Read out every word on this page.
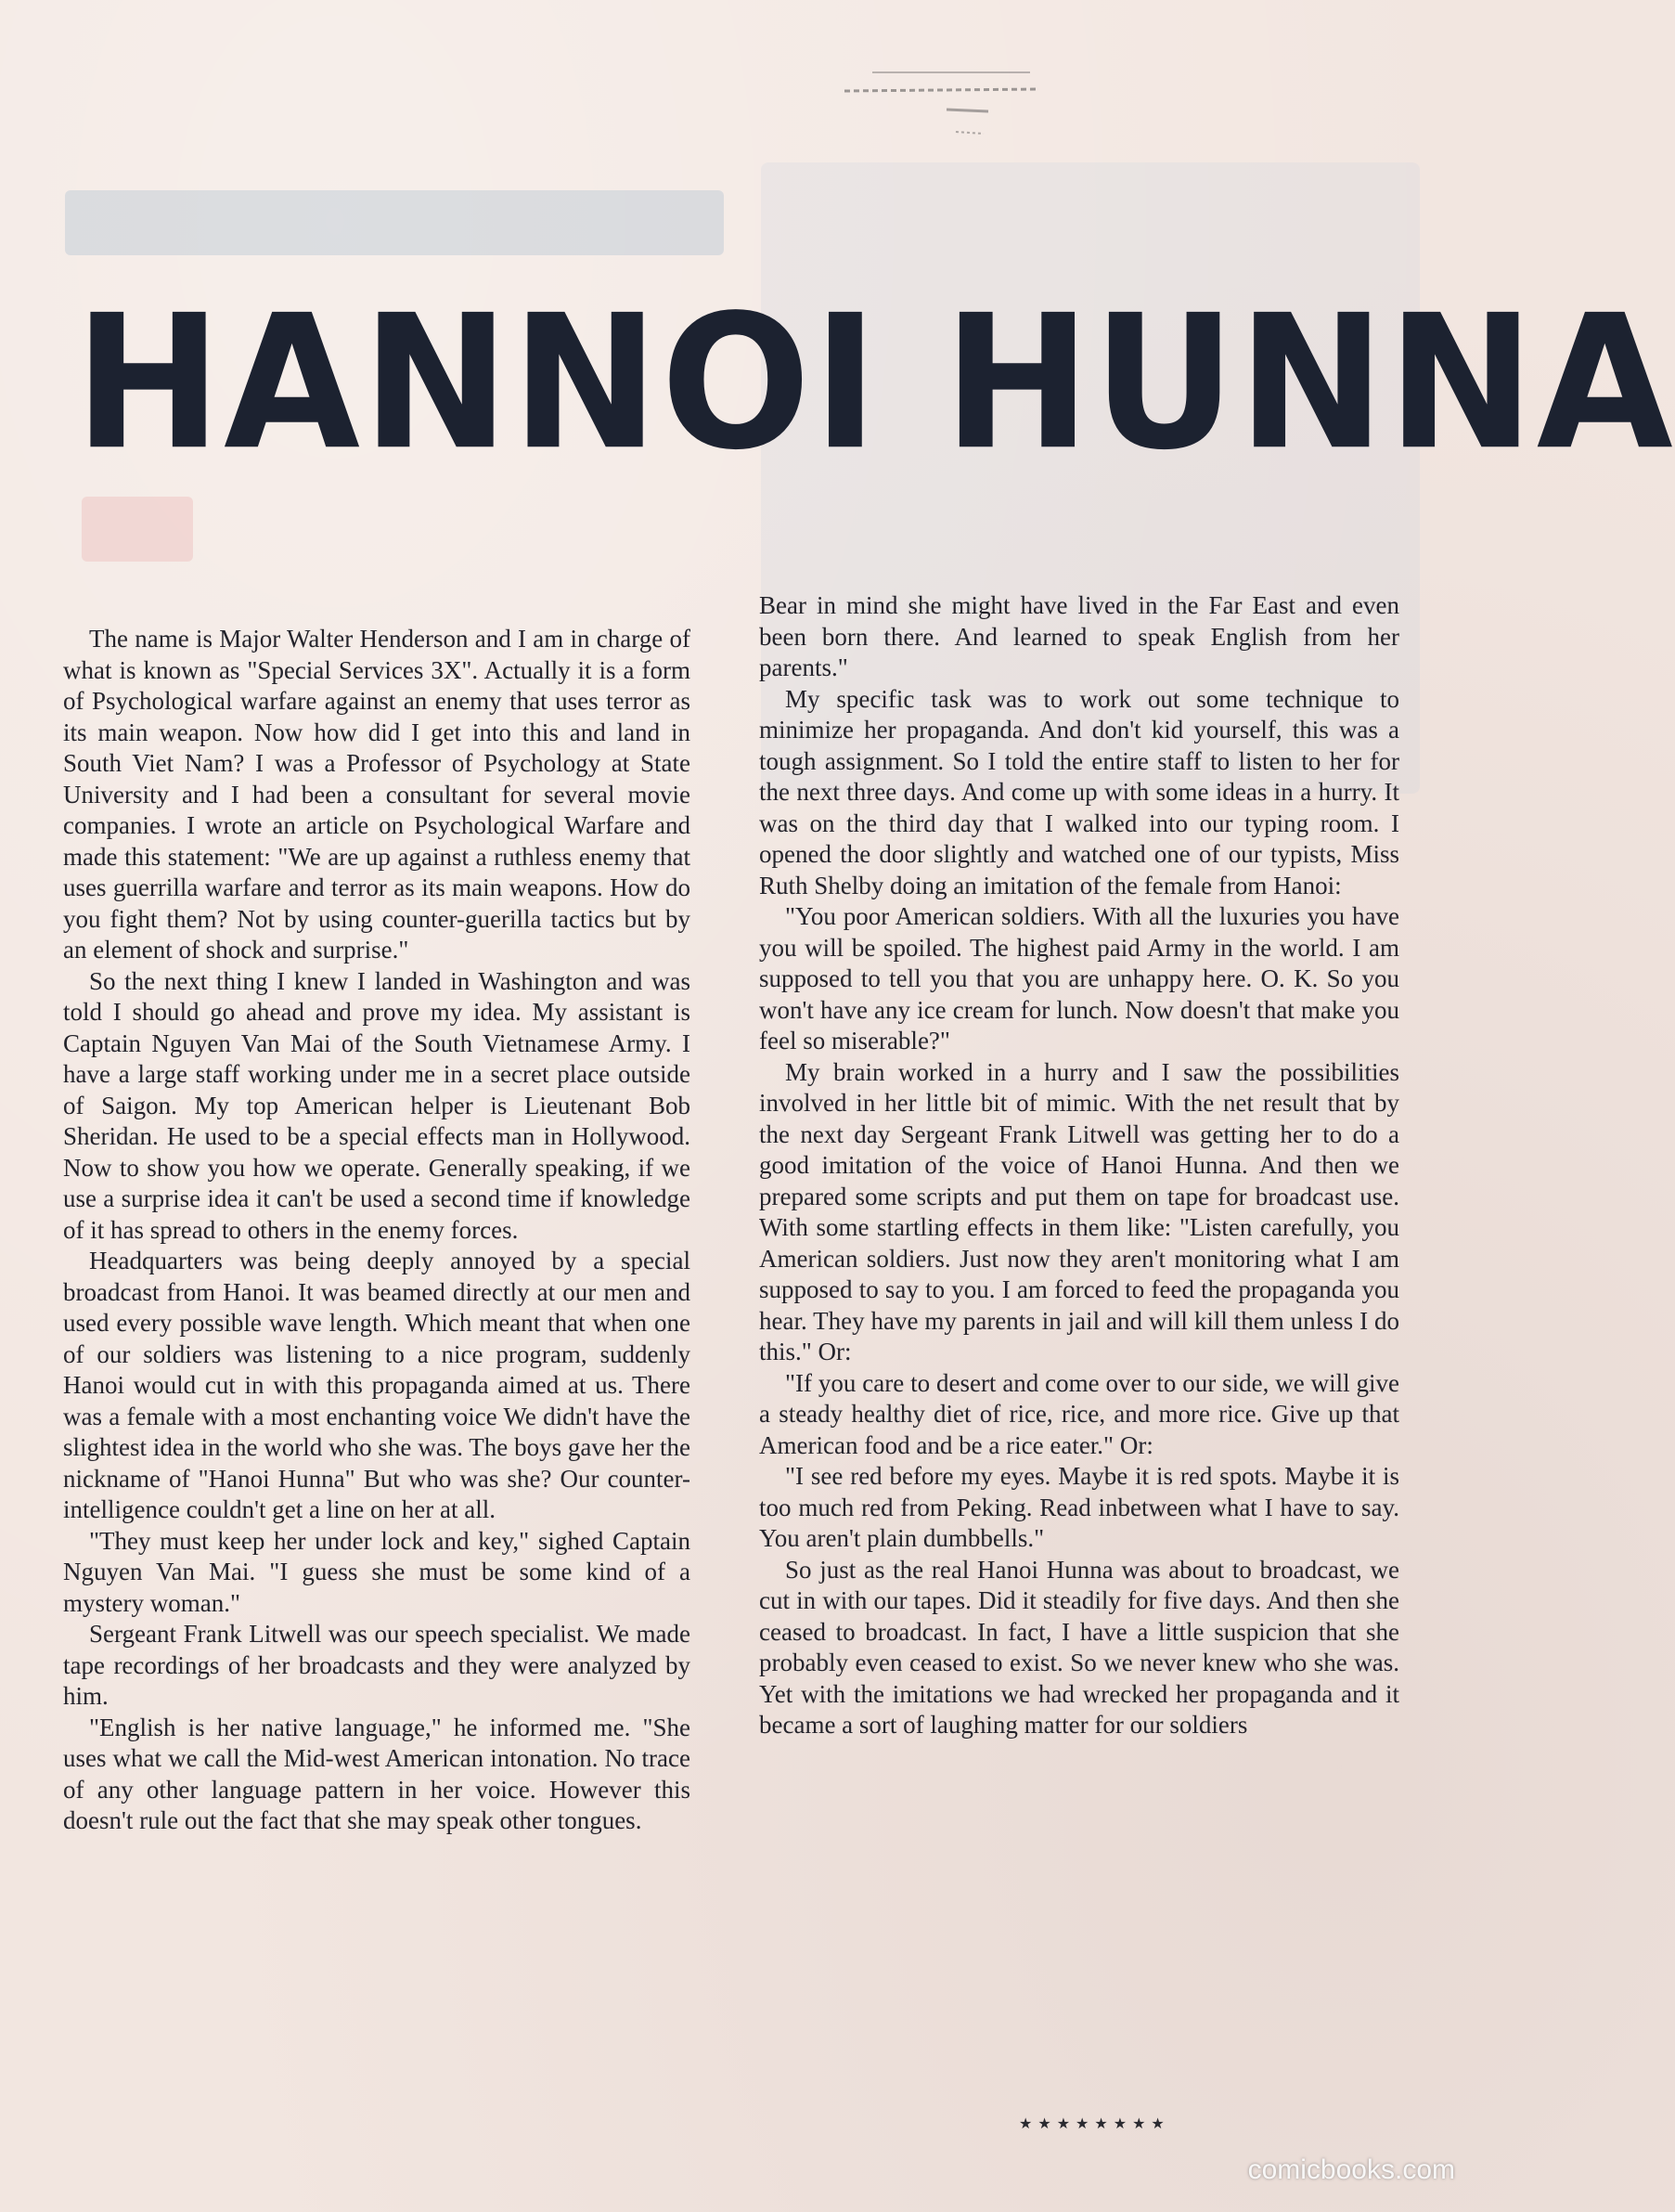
HANNOI HUNNA

The name is Major Walter Henderson and I am in charge of what is known as "Special Services 3X". Actually it is a form of Psychological warfare against an enemy that uses terror as its main weapon. Now how did I get into this and land in South Viet Nam? I was a Professor of Psychology at State University and I had been a consultant for several movie companies. I wrote an article on Psychological Warfare and made this statement: "We are up against a ruthless enemy that uses guerrilla warfare and terror as its main weapons. How do you fight them? Not by using counter-guerilla tactics but by an element of shock and surprise."

So the next thing I knew I landed in Washington and was told I should go ahead and prove my idea. My assistant is Captain Nguyen Van Mai of the South Vietnamese Army. I have a large staff working under me in a secret place outside of Saigon. My top American helper is Lieutenant Bob Sheridan. He used to be a special effects man in Hollywood. Now to show you how we operate. Generally speaking, if we use a surprise idea it can't be used a second time if knowledge of it has spread to others in the enemy forces.

Headquarters was being deeply annoyed by a special broadcast from Hanoi. It was beamed directly at our men and used every possible wave length. Which meant that when one of our soldiers was listening to a nice program, suddenly Hanoi would cut in with this propaganda aimed at us. There was a female with a most enchanting voice We didn't have the slightest idea in the world who she was. The boys gave her the nickname of "Hanoi Hunna" But who was she? Our counter-intelligence couldn't get a line on her at all.

"They must keep her under lock and key," sighed Captain Nguyen Van Mai. "I guess she must be some kind of a mystery woman."

Sergeant Frank Litwell was our speech specialist. We made tape recordings of her broadcasts and they were analyzed by him.

"English is her native language," he informed me. "She uses what we call the Mid-west American intonation. No trace of any other language pattern in her voice. However this doesn't rule out the fact that she may speak other tongues.

Bear in mind she might have lived in the Far East and even been born there. And learned to speak English from her parents."

My specific task was to work out some technique to minimize her propaganda. And don't kid yourself, this was a tough assignment. So I told the entire staff to listen to her for the next three days. And come up with some ideas in a hurry. It was on the third day that I walked into our typing room. I opened the door slightly and watched one of our typists, Miss Ruth Shelby doing an imitation of the female from Hanoi:

"You poor American soldiers. With all the luxuries you have you will be spoiled. The highest paid Army in the world. I am supposed to tell you that you are unhappy here. O. K. So you won't have any ice cream for lunch. Now doesn't that make you feel so miserable?"

My brain worked in a hurry and I saw the possibilities involved in her little bit of mimic. With the net result that by the next day Sergeant Frank Litwell was getting her to do a good imitation of the voice of Hanoi Hunna. And then we prepared some scripts and put them on tape for broadcast use. With some startling effects in them like: "Listen carefully, you American soldiers. Just now they aren't monitoring what I am supposed to say to you. I am forced to feed the propaganda you hear. They have my parents in jail and will kill them unless I do this." Or:

"If you care to desert and come over to our side, we will give a steady healthy diet of rice, rice, and more rice. Give up that American food and be a rice eater." Or:

"I see red before my eyes. Maybe it is red spots. Maybe it is too much red from Peking. Read inbetween what I have to say. You aren't plain dumbbells."

So just as the real Hanoi Hunna was about to broadcast, we cut in with our tapes. Did it steadily for five days. And then she ceased to broadcast. In fact, I have a little suspicion that she probably even ceased to exist. So we never knew who she was. Yet with the imitations we had wrecked her propaganda and it became a sort of laughing matter for our soldiers

★★★★★★★★
comicbooks.com
